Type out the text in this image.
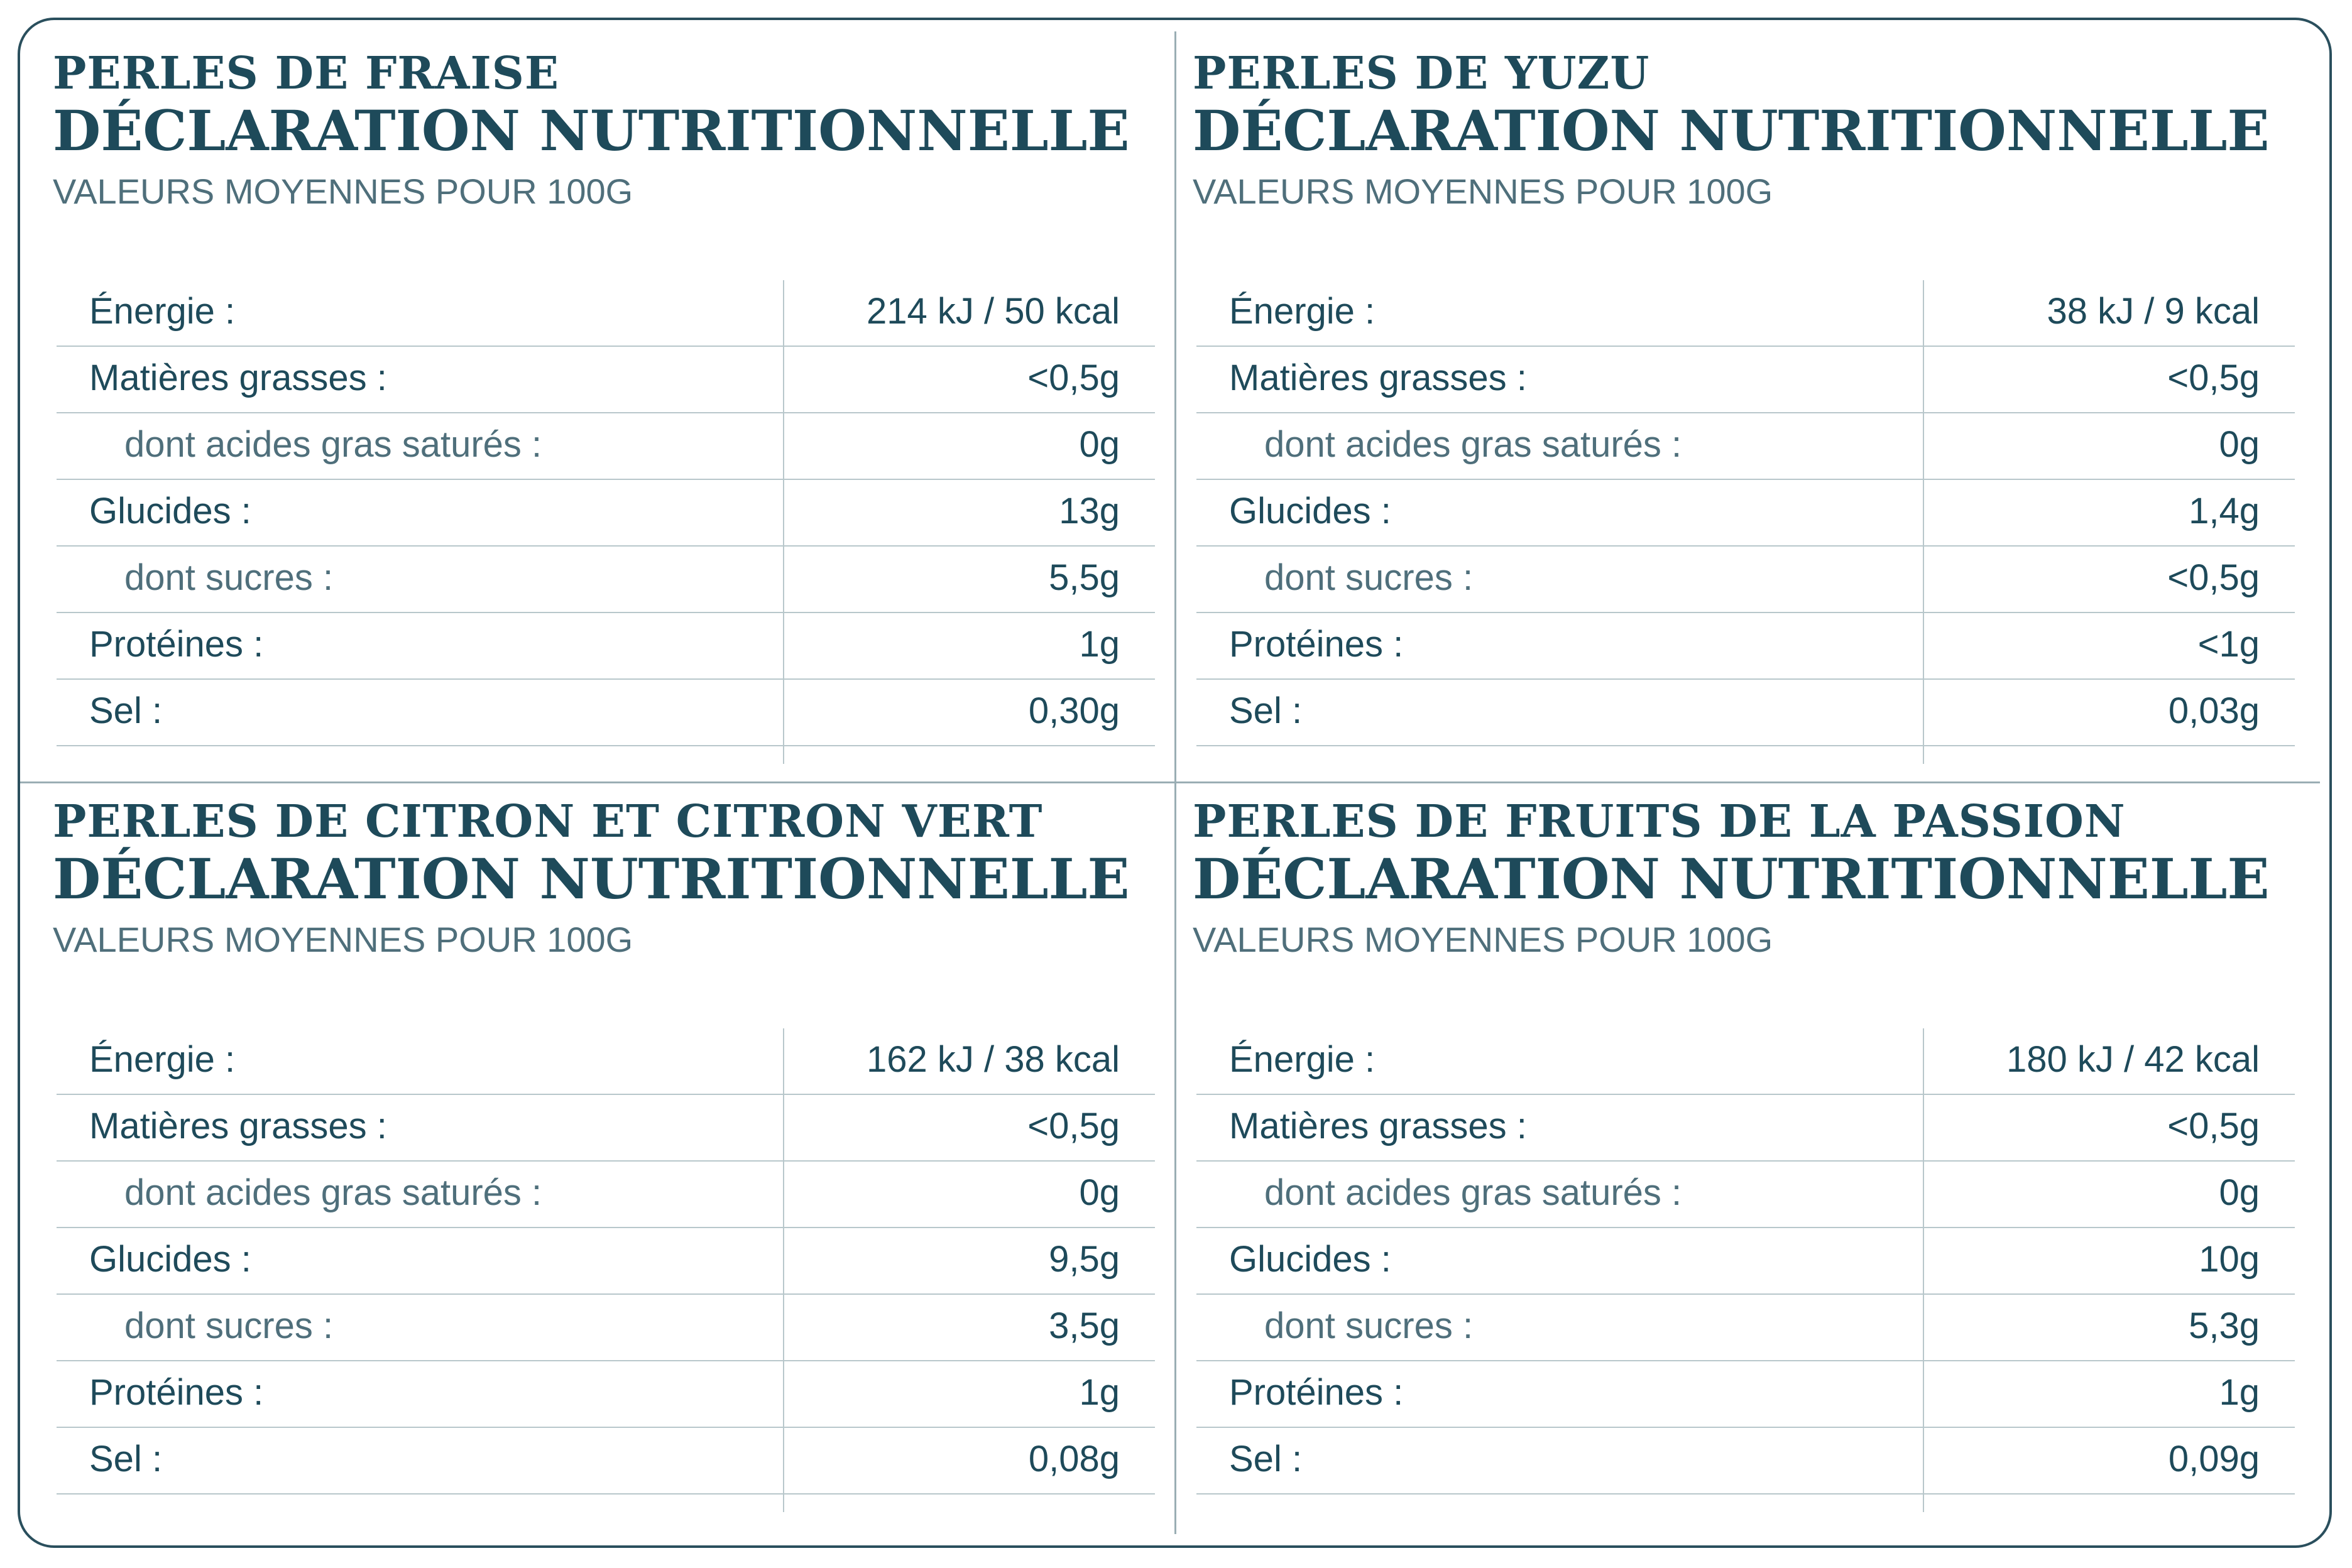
PERLES DE FRAISE
DÉCLARATION NUTRITIONNELLE

VALEURS MOYENNES POUR 100G

Énergie :	214 kJ / 50 kcal
Matières grasses :	<0,5g
dont acides gras saturés :	0g
Glucides :	13g
dont sucres :	5,5g
Protéines :	1g
Sel :	0,30g
PERLES DE YUZU
DÉCLARATION NUTRITIONNELLE

VALEURS MOYENNES POUR 100G

Énergie :	38 kJ / 9 kcal
Matières grasses :	<0,5g
dont acides gras saturés :	0g
Glucides :	1,4g
dont sucres :	<0,5g
Protéines :	<1g
Sel :	0,03g
PERLES DE CITRON ET CITRON VERT
DÉCLARATION NUTRITIONNELLE

VALEURS MOYENNES POUR 100G

Énergie :	162 kJ / 38 kcal
Matières grasses :	<0,5g
dont acides gras saturés :	0g
Glucides :	9,5g
dont sucres :	3,5g
Protéines :	1g
Sel :	0,08g
PERLES DE FRUITS DE LA PASSION
DÉCLARATION NUTRITIONNELLE

VALEURS MOYENNES POUR 100G

Énergie :	180 kJ / 42 kcal
Matières grasses :	<0,5g
dont acides gras saturés :	0g
Glucides :	10g
dont sucres :	5,3g
Protéines :	1g
Sel :	0,09g
